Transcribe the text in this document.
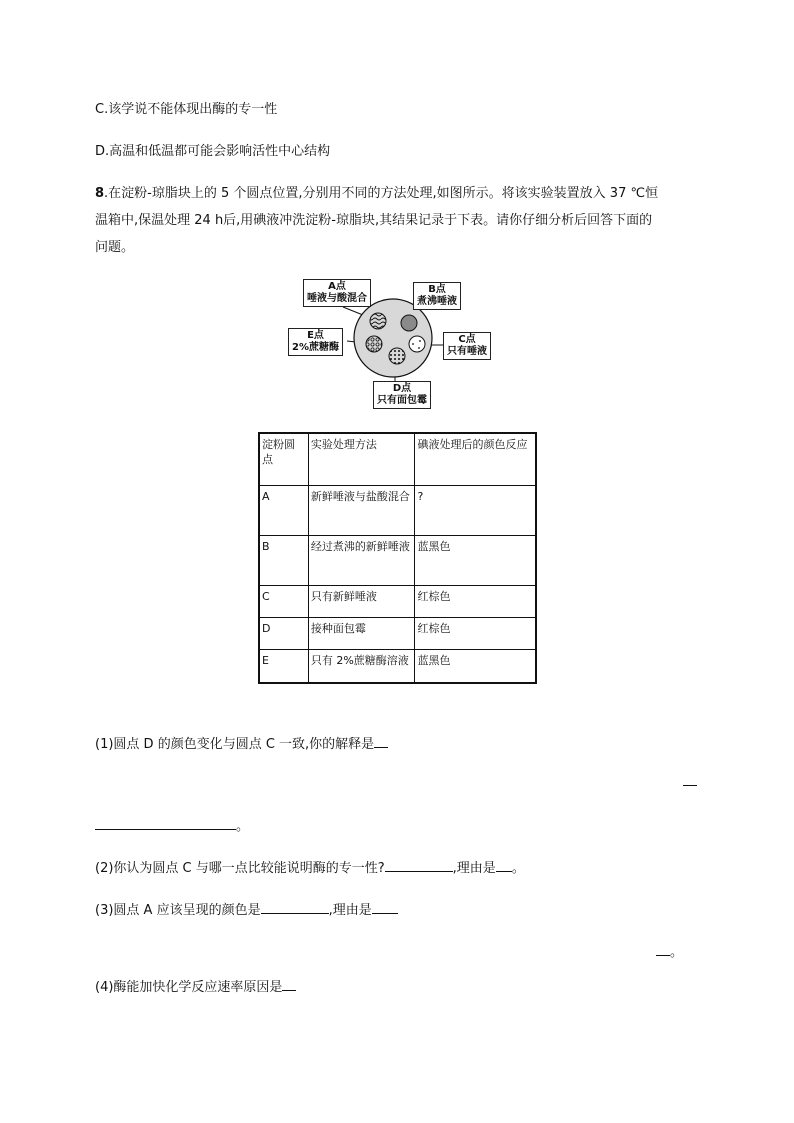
C.该学说不能体现出酶的专一性
D.高温和低温都可能会影响活性中心结构
8.在淀粉-琼脂块上的 5 个圆点位置,分别用不同的方法处理,如图所示。将该实验装置放入 37 ℃恒
温箱中,保温处理 24 h后,用碘液冲洗淀粉-琼脂块,其结果记录于下表。请你仔细分析后回答下面的
问题。
A点
唾液与酸混合
B点
煮沸唾液
C点
只有唾液
D点
只有面包霉
E点
2%蔗糖酶
淀粉圆点	实验处理方法	碘液处理后的颜色反应
A	新鲜唾液与盐酸混合	?
B	经过煮沸的新鲜唾液	蓝黑色
C	只有新鲜唾液	红棕色
D	接种面包霉	红棕色
E	只有 2%蔗糖酶溶液	蓝黑色
(1)圆点 D 的颜色变化与圆点 C 一致,你的解释是
。
(2)你认为圆点 C 与哪一点比较能说明酶的专一性?	,理由是 。
(3)圆点 A 应该呈现的颜色是	,理由是
。
(4)酶能加快化学反应速率原因是
